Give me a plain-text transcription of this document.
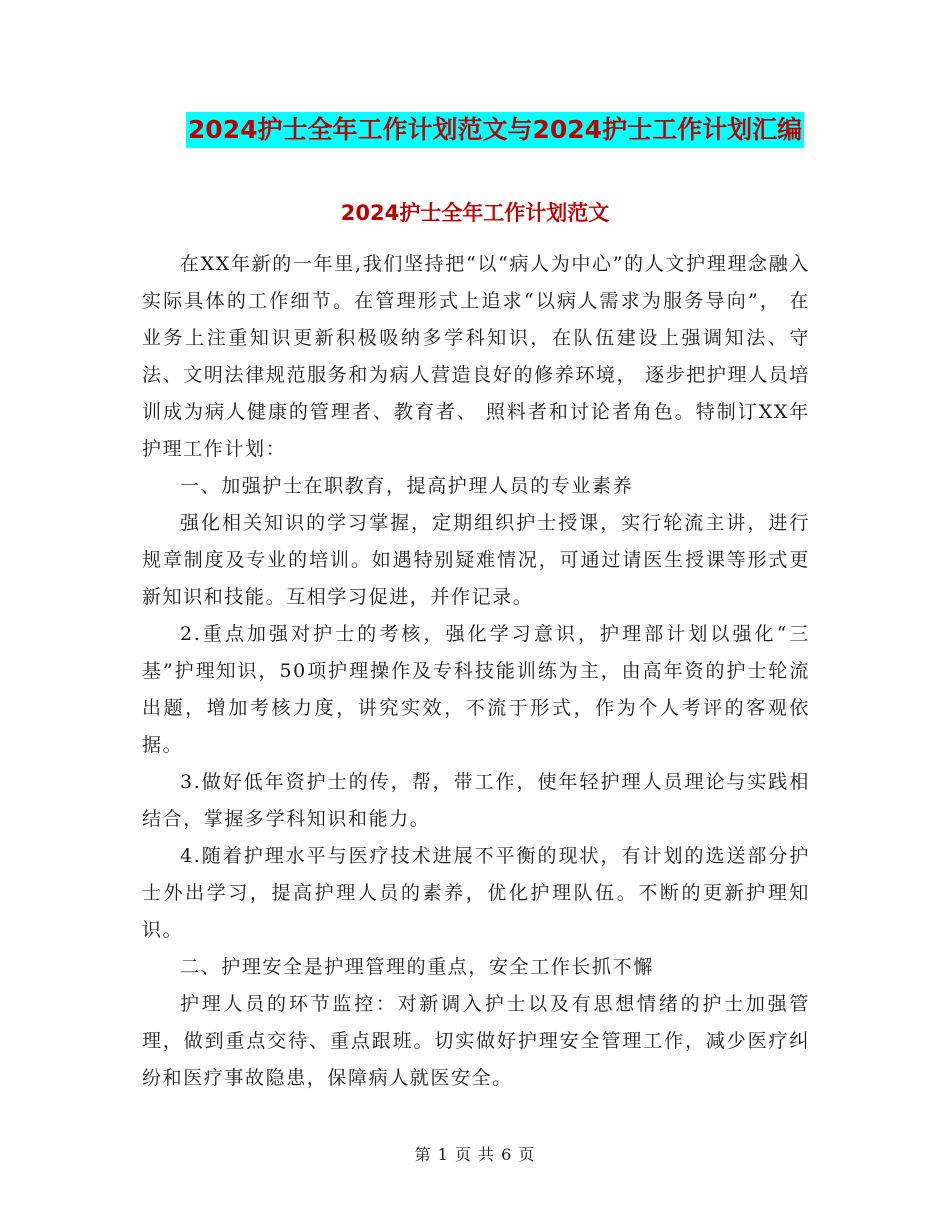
2024护士全年工作计划范文与2024护士工作计划汇编
2024护士全年工作计划范文

在XX年新的一年里,我们坚持把“以“病人为中心”的人文护理理念融入实际具体的工作细节。在管理形式上追求“以病人需求为服务导向”， 在业务上注重知识更新积极吸纳多学科知识，在队伍建设上强调知法、守法、文明法律规范服务和为病人营造良好的修养环境， 逐步把护理人员培训成为病人健康的管理者、教育者、 照料者和讨论者角色。特制订XX年护理工作计划：

一、加强护士在职教育，提高护理人员的专业素养

强化相关知识的学习掌握，定期组织护士授课，实行轮流主讲，进行规章制度及专业的培训。如遇特别疑难情况，可通过请医生授课等形式更新知识和技能。互相学习促进，并作记录。

2.重点加强对护士的考核，强化学习意识，护理部计划以强化“三基”护理知识，50项护理操作及专科技能训练为主，由高年资的护士轮流出题，增加考核力度，讲究实效，不流于形式，作为个人考评的客观依据。

3.做好低年资护士的传，帮，带工作，使年轻护理人员理论与实践相结合，掌握多学科知识和能力。

4.随着护理水平与医疗技术进展不平衡的现状，有计划的选送部分护士外出学习，提高护理人员的素养，优化护理队伍。不断的更新护理知识。

二、护理安全是护理管理的重点，安全工作长抓不懈

护理人员的环节监控：对新调入护士以及有思想情绪的护士加强管理，做到重点交待、重点跟班。切实做好护理安全管理工作，减少医疗纠纷和医疗事故隐患，保障病人就医安全。

第 1 页 共 6 页
